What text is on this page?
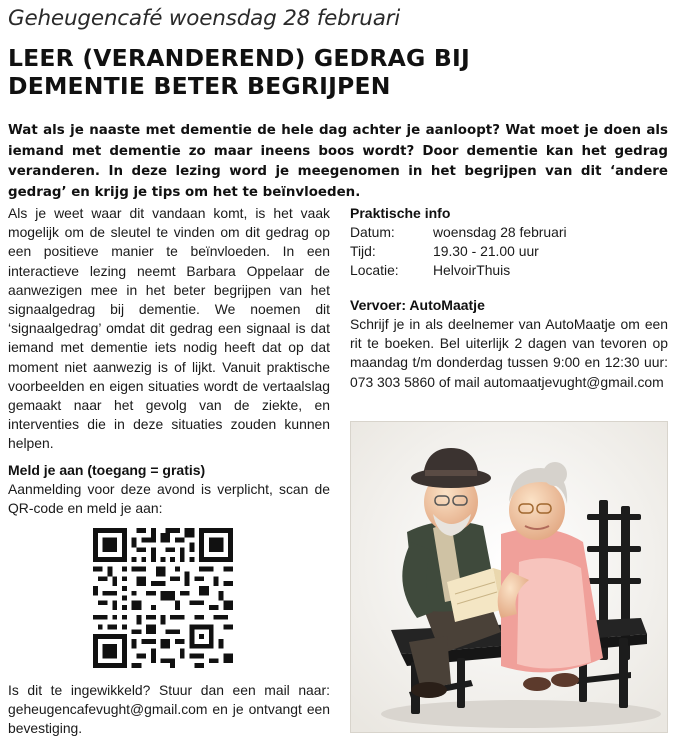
Geheugencafé woensdag 28 februari
LEER (VERANDEREND) GEDRAG BIJ
DEMENTIE BETER BEGRIJPEN

Wat als je naaste met dementie de hele dag achter je aanloopt? Wat moet je doen als iemand met dementie zo maar ineens boos wordt? Door dementie kan het gedrag veranderen. In deze lezing word je meegenomen in het begrijpen van dit ‘andere gedrag’ en krijg je tips om het te beïnvloeden.

Als je weet waar dit vandaan komt, is het vaak mogelijk om de sleutel te vinden om dit gedrag op een positieve manier te beïnvloeden. In een interactieve lezing neemt Barbara Oppelaar de aanwezigen mee in het beter begrijpen van het signaalgedrag bij dementie. We noemen dit ‘signaalgedrag’ omdat dit gedrag een signaal is dat iemand met dementie iets nodig heeft dat op dat moment niet aanwezig is of lijkt. Vanuit praktische voorbeelden en eigen situaties wordt de vertaalslag gemaakt naar het gevolg van de ziekte, en interventies die in deze situaties zouden kunnen helpen.

Meld je aan (toegang = gratis)

Aanmelding voor deze avond is verplicht, scan de QR-code en meld je aan:

Is dit te ingewikkeld? Stuur dan een mail naar: geheugencafevught@gmail.com en je ontvangt een bevestiging.

Praktische info
Datum:	woensdag 28 februari
Tijd:	19.30 - 21.00 uur
Locatie:	HelvoirThuis
Vervoer: AutoMaatje

Schrijf je in als deelnemer van AutoMaatje om een rit te boeken. Bel uiterlijk 2 dagen van tevoren op maandag t/m donderdag tussen 9:00 en 12:30 uur: 073 303 5860 of mail automaatjevught@gmail.com
